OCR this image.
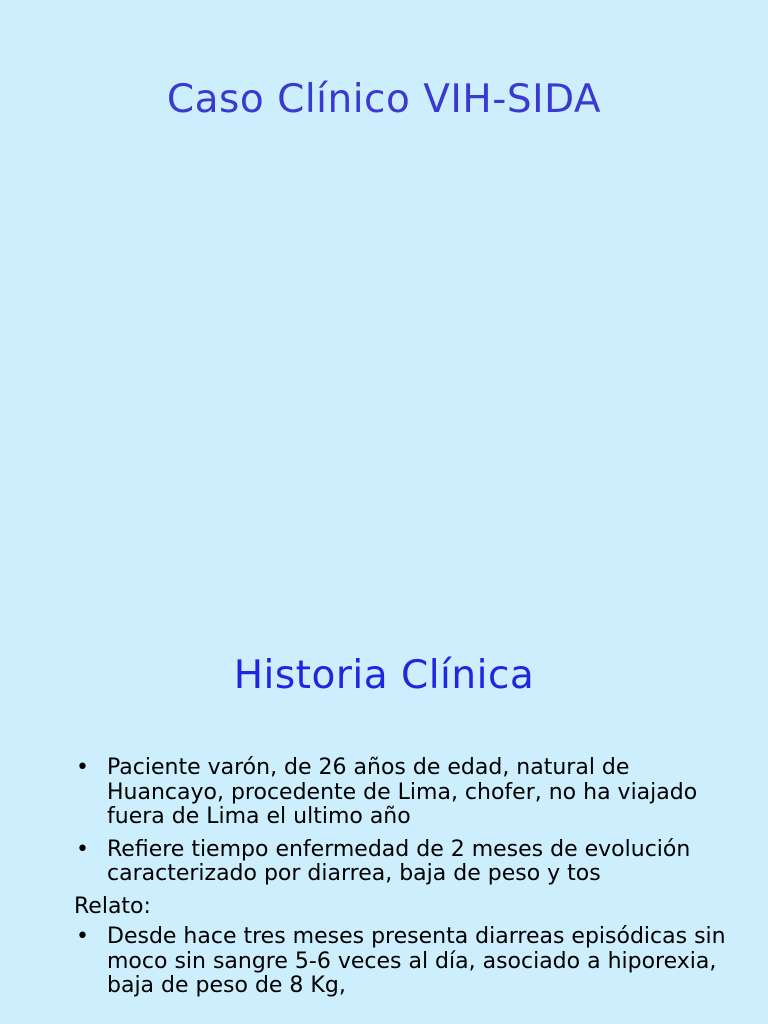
Caso Clínico VIH-SIDA
Historia Clínica
•
Paciente varón, de 26 años de edad, natural de Huancayo, procedente de Lima, chofer, no ha viajado fuera de Lima el ultimo año
•
Refiere tiempo enfermedad de 2 meses de evolución caracterizado por diarrea, baja de peso y tos
Relato:
•
Desde hace tres meses presenta diarreas episódicas sin moco sin sangre 5-6 veces al día, asociado a hiporexia, baja de peso de 8 Kg,
